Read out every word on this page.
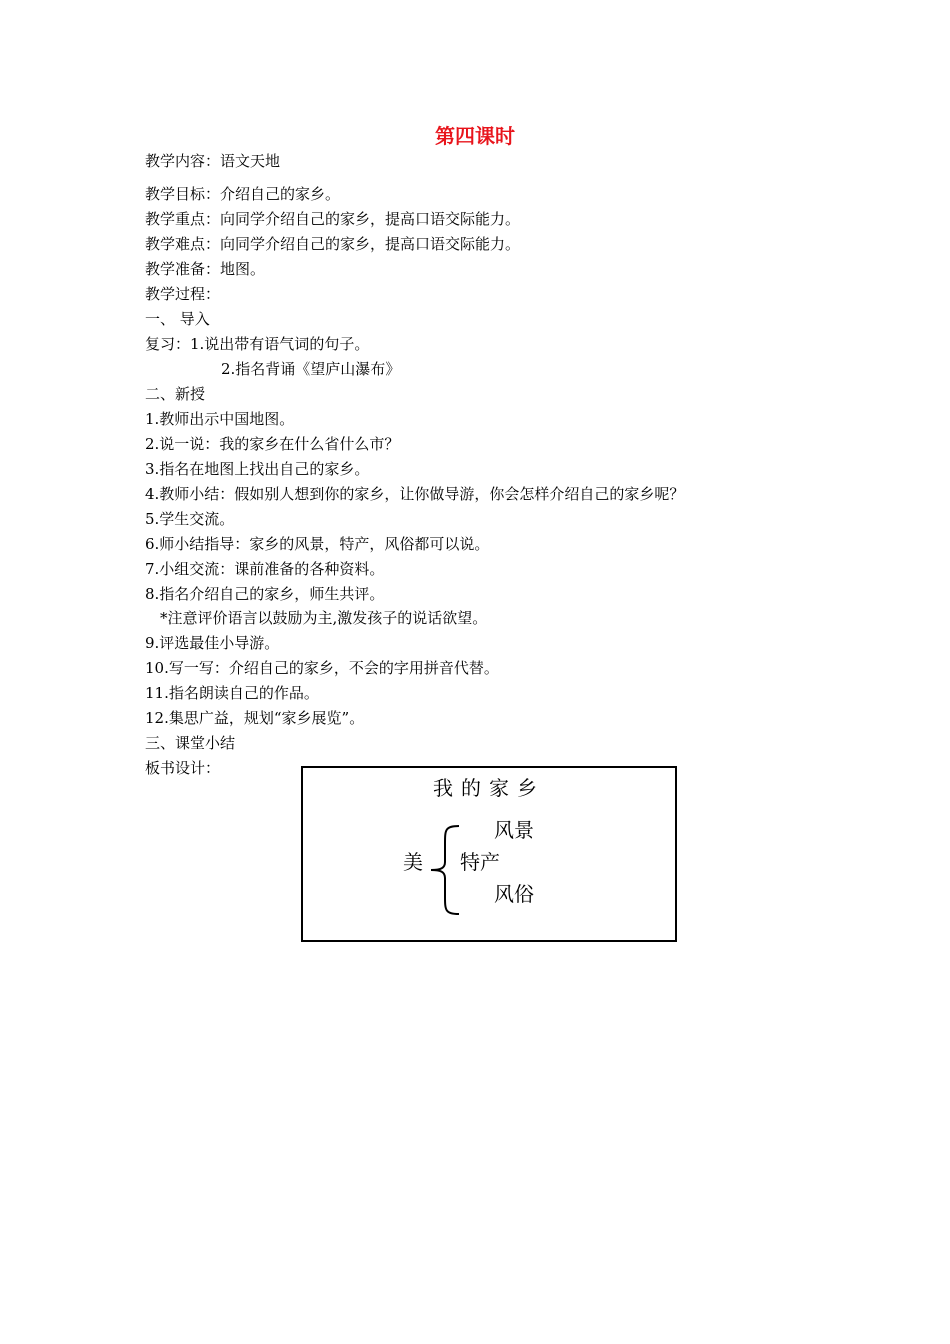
第四课时
教学内容：语文天地
教学目标：介绍自己的家乡。
教学重点：向同学介绍自己的家乡，提高口语交际能力。
教学难点：向同学介绍自己的家乡，提高口语交际能力。
教学准备：地图。
教学过程：
一、 导入
复习：1.说出带有语气词的句子。
2.指名背诵《望庐山瀑布》
二、新授
1.教师出示中国地图。
2.说一说：我的家乡在什么省什么市？
3.指名在地图上找出自己的家乡。
4.教师小结：假如别人想到你的家乡，让你做导游，你会怎样介绍自己的家乡呢？
5.学生交流。
6.师小结指导：家乡的风景，特产，风俗都可以说。
7.小组交流：课前准备的各种资料。
8.指名介绍自己的家乡，师生共评。
*注意评价语言以鼓励为主,激发孩子的说话欲望。
9.评选最佳小导游。
10.写一写：介绍自己的家乡，不会的字用拼音代替。
11.指名朗读自己的作品。
12.集思广益，规划“家乡展览”。
三、课堂小结
板书设计：
我的家乡
美
风景
特产
风俗
